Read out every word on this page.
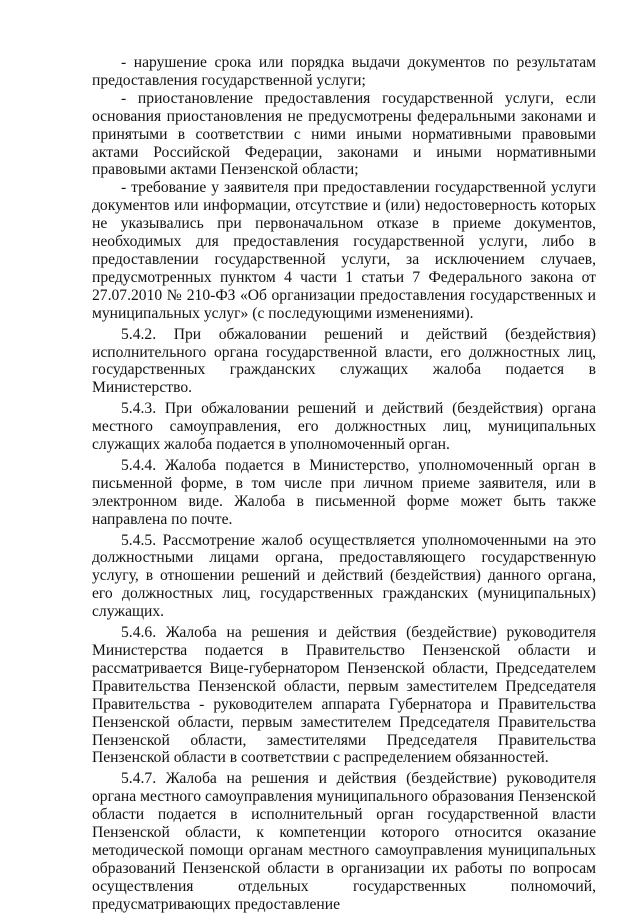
- нарушение срока или порядка выдачи документов по результатам предоставления государственной услуги;

- приостановление предоставления государственной услуги, если основания приостановления не предусмотрены федеральными законами и принятыми в соответствии с ними иными нормативными правовыми актами Российской Федерации, законами и иными нормативными правовыми актами Пензенской области;

- требование у заявителя при предоставлении государственной услуги документов или информации, отсутствие и (или) недостоверность которых не указывались при первоначальном отказе в приеме документов, необходимых для предоставления государственной услуги, либо в предоставлении государственной услуги, за исключением случаев, предусмотренных пунктом 4 части 1 статьи 7 Федерального закона от 27.07.2010 № 210-ФЗ «Об организации предоставления государственных и муниципальных услуг» (с последующими изменениями).

5.4.2. При обжаловании решений и действий (бездействия) исполнительного органа государственной власти, его должностных лиц, государственных гражданских служащих жалоба подается в Министерство.

5.4.3. При обжаловании решений и действий (бездействия) органа местного самоуправления, его должностных лиц, муниципальных служащих жалоба подается в уполномоченный орган.

5.4.4. Жалоба подается в Министерство, уполномоченный орган в письменной форме, в том числе при личном приеме заявителя, или в электронном виде. Жалоба в письменной форме может быть также направлена по почте.

5.4.5. Рассмотрение жалоб осуществляется уполномоченными на это должностными лицами органа, предоставляющего государственную услугу, в отношении решений и действий (бездействия) данного органа, его должностных лиц, государственных гражданских (муниципальных) служащих.

5.4.6. Жалоба на решения и действия (бездействие) руководителя Министерства подается в Правительство Пензенской области и рассматривается Вице-губернатором Пензенской области, Председателем Правительства Пензенской области, первым заместителем Председателя Правительства - руководителем аппарата Губернатора и Правительства Пензенской области, первым заместителем Председателя Правительства Пензенской области, заместителями Председателя Правительства Пензенской области в соответствии с распределением обязанностей.

5.4.7. Жалоба на решения и действия (бездействие) руководителя органа местного самоуправления муниципального образования Пензенской области подается в исполнительный орган государственной власти Пензенской области, к компетенции которого относится оказание методической помощи органам местного самоуправления муниципальных образований Пензенской области в организации их работы по вопросам осуществления отдельных государственных полномочий, предусматривающих предоставление
